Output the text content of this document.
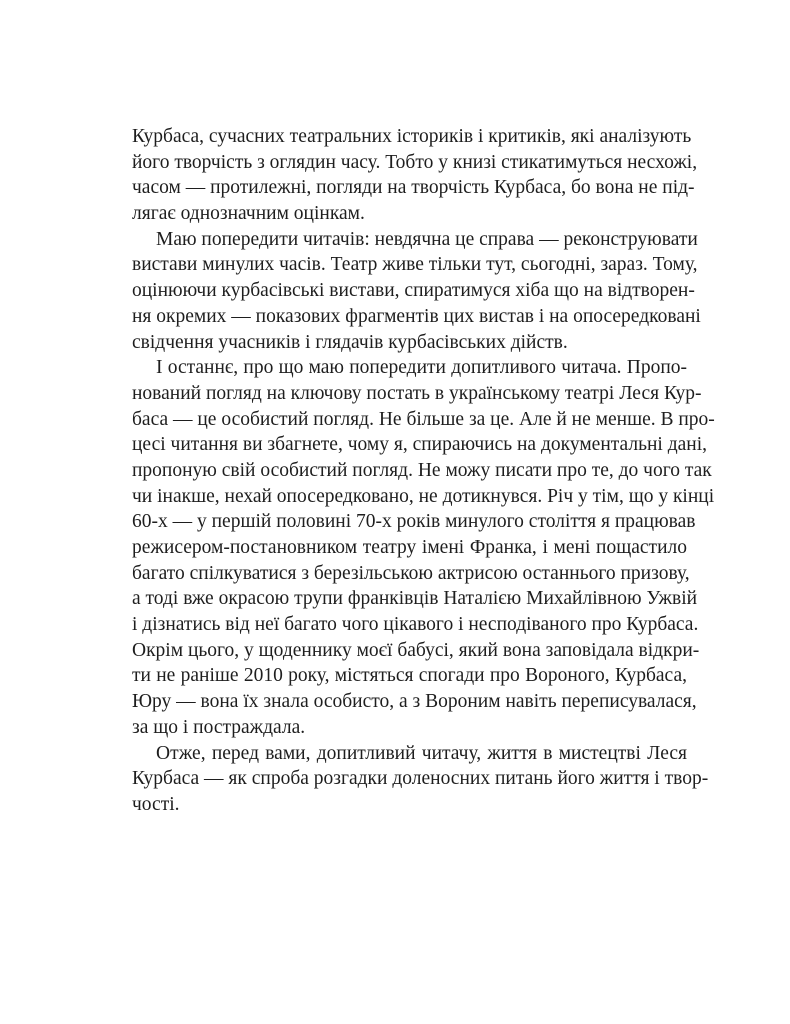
Курбаса, сучасних театральних істориків і критиків, які аналізують
його творчість з оглядин часу. Тобто у книзі стикатимуться несхожі,
часом — протилежні, погляди на творчість Курбаса, бо вона не під-
лягає однозначним оцінкам.
Маю попередити читачів: невдячна це справа — реконструювати
вистави минулих часів. Театр живе тільки тут, сьогодні, зараз. Тому,
оцінюючи курбасівські вистави, спиратимуся хіба що на відтворен-
ня окремих — показових фрагментів цих вистав і на опосередковані
свідчення учасників і глядачів курбасівських дійств.
І останнє, про що маю попередити допитливого читача. Пропо-
нований погляд на ключову постать в українському театрі Леся Кур-
баса — це особистий погляд. Не більше за це. Але й не менше. В про-
цесі читання ви збагнете, чому я, спираючись на документальні дані,
пропоную свій особистий погляд. Не можу писати про те, до чого так
чи інакше, нехай опосередковано, не дотикнувся. Річ у тім, що у кінці
60-х — у першій половині 70-х років минулого століття я працював
режисером-постановником театру імені Франка, і мені пощастило
багато спілкуватися з березільською актрисою останнього призову,
а тоді вже окрасою трупи франківців Наталією Михайлівною Ужвій
і дізнатись від неї багато чого цікавого і несподіваного про Курбаса.
Окрім цього, у щоденнику моєї бабусі, який вона заповідала відкри-
ти не раніше 2010 року, містяться спогади про Вороного, Курбаса,
Юру — вона їх знала особисто, а з Вороним навіть переписувалася,
за що і постраждала.
Отже, перед вами, допитливий читачу, життя в мистецтві Леся
Курбаса — як спроба розгадки доленосних питань його життя і твор-
чості.
